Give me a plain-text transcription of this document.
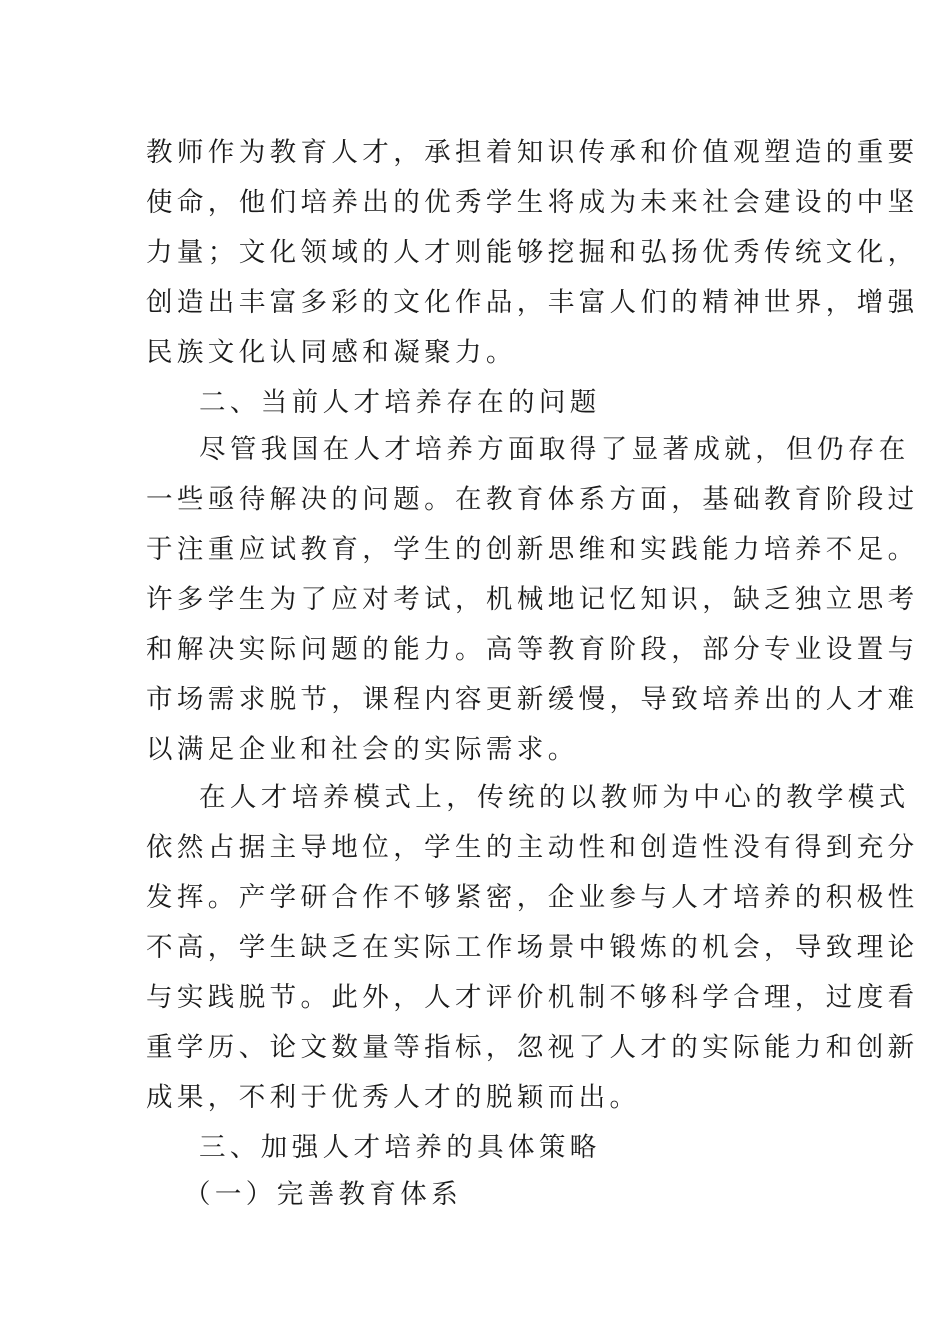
教师作为教育人才，承担着知识传承和价值观塑造的重要
使命，他们培养出的优秀学生将成为未来社会建设的中坚
力量；文化领域的人才则能够挖掘和弘扬优秀传统文化，
创造出丰富多彩的文化作品，丰富人们的精神世界，增强
民族文化认同感和凝聚力。
二、当前人才培养存在的问题
尽管我国在人才培养方面取得了显著成就，但仍存在
一些亟待解决的问题。在教育体系方面，基础教育阶段过
于注重应试教育，学生的创新思维和实践能力培养不足。
许多学生为了应对考试，机械地记忆知识，缺乏独立思考
和解决实际问题的能力。高等教育阶段，部分专业设置与
市场需求脱节，课程内容更新缓慢，导致培养出的人才难
以满足企业和社会的实际需求。
在人才培养模式上，传统的以教师为中心的教学模式
依然占据主导地位，学生的主动性和创造性没有得到充分
发挥。产学研合作不够紧密，企业参与人才培养的积极性
不高，学生缺乏在实际工作场景中锻炼的机会，导致理论
与实践脱节。此外，人才评价机制不够科学合理，过度看
重学历、论文数量等指标，忽视了人才的实际能力和创新
成果，不利于优秀人才的脱颖而出。
三、加强人才培养的具体策略
（一）完善教育体系
